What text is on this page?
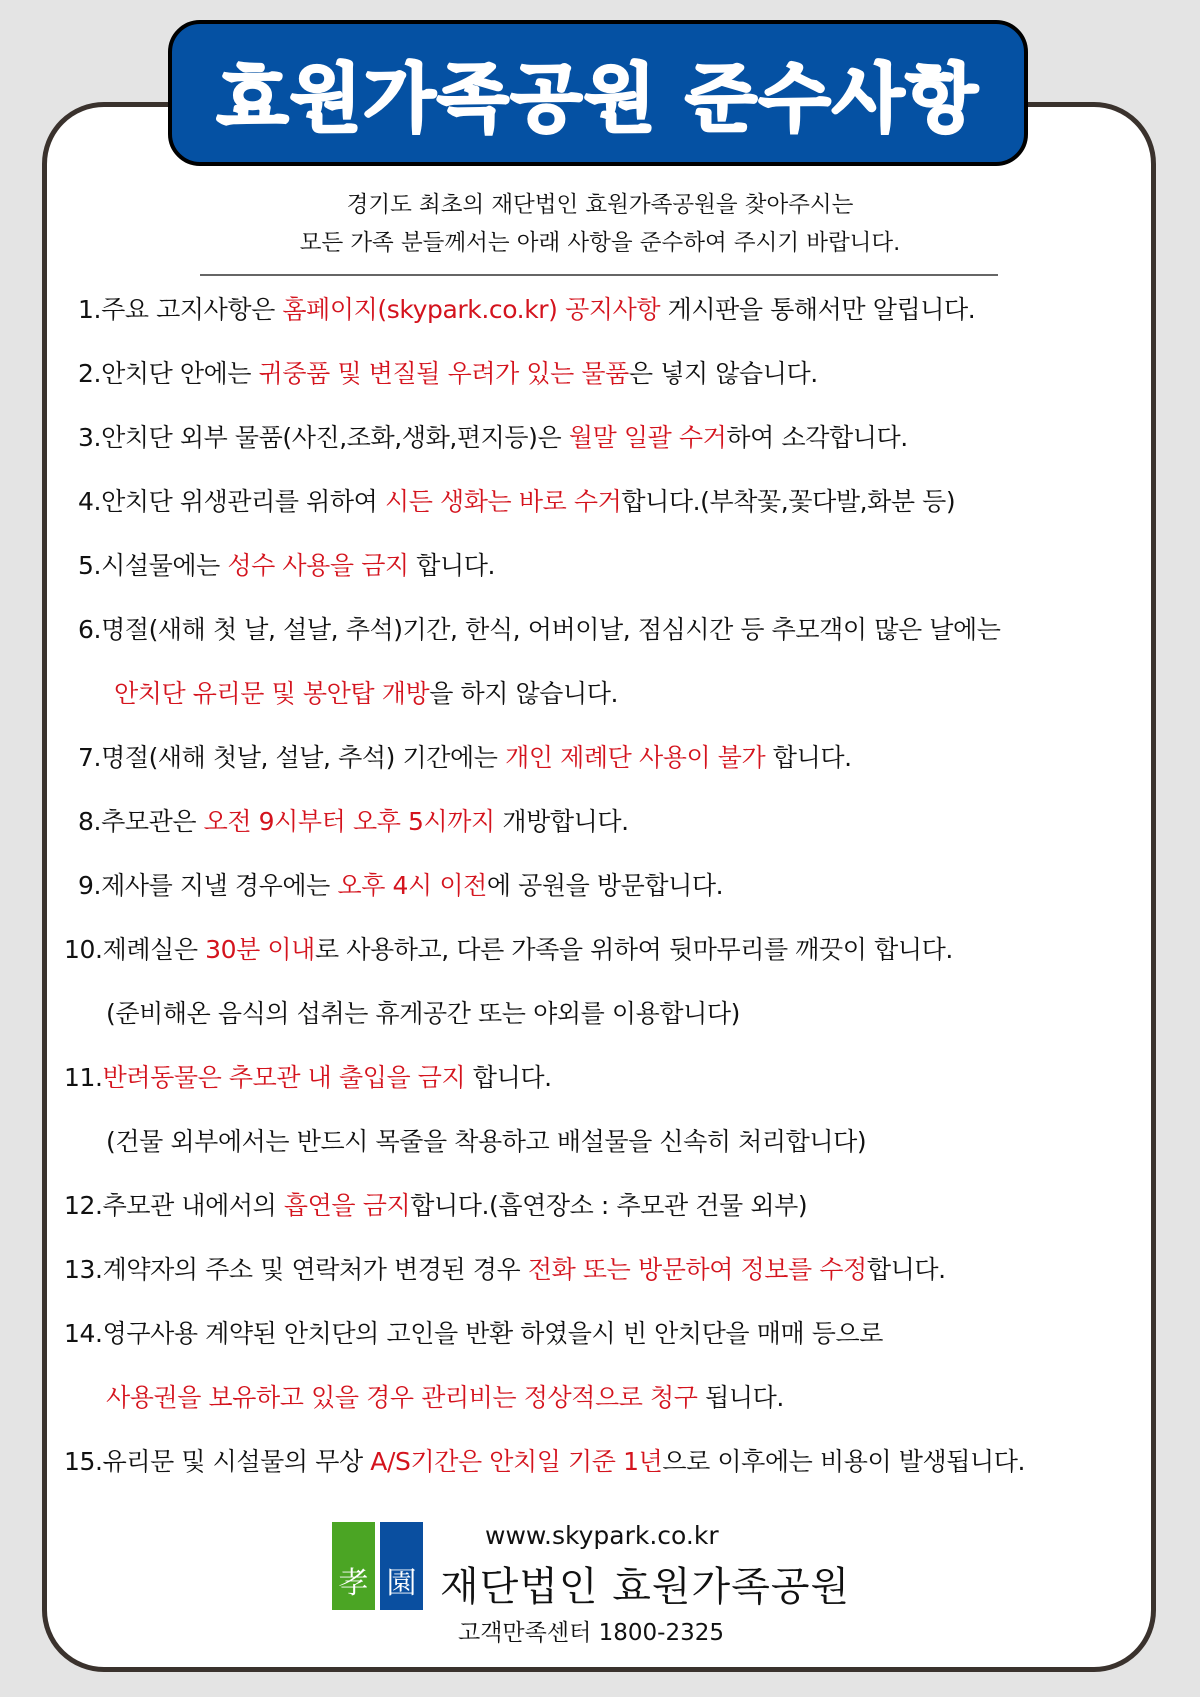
효원가족공원 준수사항
경기도 최초의 재단법인 효원가족공원을 찾아주시는
모든 가족 분들께서는 아래 사항을 준수하여 주시기 바랍니다.
1.주요 고지사항은 홈페이지(skypark.co.kr) 공지사항 게시판을 통해서만 알립니다.
2.안치단 안에는 귀중품 및 변질될 우려가 있는 물품은 넣지 않습니다.
3.안치단 외부 물품(사진,조화,생화,편지등)은 월말 일괄 수거하여 소각합니다.
4.안치단 위생관리를 위하여 시든 생화는 바로 수거합니다.(부착꽃,꽃다발,화분 등)
5.시설물에는 성수 사용을 금지 합니다.
6.명절(새해 첫 날, 설날, 추석)기간, 한식, 어버이날, 점심시간 등 추모객이 많은 날에는
안치단 유리문 및 봉안탑 개방을 하지 않습니다.
7.명절(새해 첫날, 설날, 추석) 기간에는 개인 제례단 사용이 불가 합니다.
8.추모관은 오전 9시부터 오후 5시까지 개방합니다.
9.제사를 지낼 경우에는 오후 4시 이전에 공원을 방문합니다.
10.제례실은 30분 이내로 사용하고, 다른 가족을 위하여 뒷마무리를 깨끗이 합니다.
(준비해온 음식의 섭취는 휴게공간 또는 야외를 이용합니다)
11.반려동물은 추모관 내 출입을 금지 합니다.
(건물 외부에서는 반드시 목줄을 착용하고 배설물을 신속히 처리합니다)
12.추모관 내에서의 흡연을 금지합니다.(흡연장소 : 추모관 건물 외부)
13.계약자의 주소 및 연락처가 변경된 경우 전화 또는 방문하여 정보를 수정합니다.
14.영구사용 계약된 안치단의 고인을 반환 하였을시 빈 안치단을 매매 등으로
사용권을 보유하고 있을 경우 관리비는 정상적으로 청구 됩니다.
15.유리문 및 시설물의 무상 A/S기간은 안치일 기준 1년으로 이후에는 비용이 발생됩니다.
孝 園
www.skypark.co.kr
재단법인 효원가족공원
고객만족센터 1800-2325
